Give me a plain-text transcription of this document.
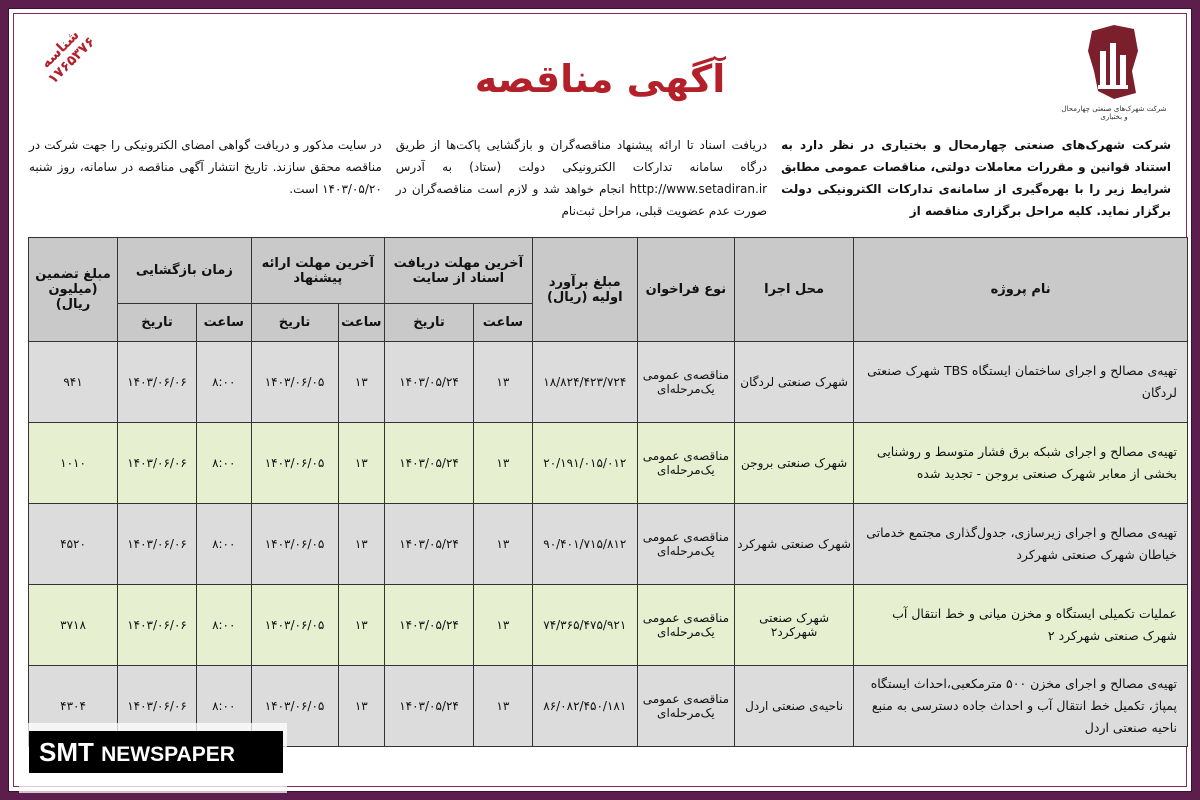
شرکت شهرک‌های صنعتی چهارمحال و بختیاری
شناسه ۱۷۶۵۳۷۶	آگهی مناقصه
شرکت شهرک‌های صنعتی چهارمحال و بختیاری در نظر دارد به استناد قوانین و مقررات معاملات دولتی، مناقصات عمومی مطابق شرایط زیر را با بهره‌گیری از سامانه‌ی تدارکات الکترونیکی دولت برگزار نماید. کلیه مراحل برگزاری مناقصه از
دریافت اسناد تا ارائه پیشنهاد مناقصه‌گران و بازگشایی پاکت‌ها از طریق درگاه سامانه تدارکات الکترونیکی دولت (ستاد) به آدرس http://www.setadiran.ir انجام خواهد شد و لازم است مناقصه‌گران در صورت عدم عضویت قبلی، مراحل ثبت‌نام
در سایت مذکور و دریافت گواهی امضای الکترونیکی را جهت شرکت در مناقصه محقق سازند. تاریخ انتشار آگهی مناقصه در سامانه، روز شنبه ۱۴۰۳/۰۵/۲۰ است.
نام پروژه	محل اجرا	نوع فراخوان	مبلغ برآورد اولیه (ریال)	آخرین مهلت دریافت اسناد از سایت		آخرین مهلت ارائه پیشنهاد		زمان بازگشایی		مبلغ تضمین (میلیون ریال)
				ساعت	تاریخ	ساعت	تاریخ	ساعت	تاریخ	
تهیه‌ی مصالح و اجرای ساختمان ایستگاه TBS شهرک صنعتی لردگان	شهرک صنعتی لردگان	مناقصه‌ی عمومی یک‌مرحله‌ای	۱۸/۸۲۴/۴۲۳/۷۲۴	۱۳	۱۴۰۳/۰۵/۲۴	۱۳	۱۴۰۳/۰۶/۰۵	۸:۰۰	۱۴۰۳/۰۶/۰۶	۹۴۱
تهیه‌ی مصالح و اجرای شبکه برق فشار متوسط و روشنایی بخشی از معابر شهرک صنعتی بروجن - تجدید شده	شهرک صنعتی بروجن	مناقصه‌ی عمومی یک‌مرحله‌ای	۲۰/۱۹۱/۰۱۵/۰۱۲	۱۳	۱۴۰۳/۰۵/۲۴	۱۳	۱۴۰۳/۰۶/۰۵	۸:۰۰	۱۴۰۳/۰۶/۰۶	۱۰۱۰
تهیه‌ی مصالح و اجرای زیرسازی، جدول‌گذاری مجتمع خدماتی خیاطان شهرک صنعتی شهرکرد	شهرک صنعتی شهرکرد	مناقصه‌ی عمومی یک‌مرحله‌ای	۹۰/۴۰۱/۷۱۵/۸۱۲	۱۳	۱۴۰۳/۰۵/۲۴	۱۳	۱۴۰۳/۰۶/۰۵	۸:۰۰	۱۴۰۳/۰۶/۰۶	۴۵۲۰
عملیات تکمیلی ایستگاه و مخزن میانی و خط انتقال آب شهرک صنعتی شهرکرد ۲	شهرک صنعتی شهرکرد۲	مناقصه‌ی عمومی یک‌مرحله‌ای	۷۴/۳۶۵/۴۷۵/۹۲۱	۱۳	۱۴۰۳/۰۵/۲۴	۱۳	۱۴۰۳/۰۶/۰۵	۸:۰۰	۱۴۰۳/۰۶/۰۶	۳۷۱۸
تهیه‌ی مصالح و اجرای مخزن ۵۰۰ مترمکعبی،احداث ایستگاه پمپاژ، تکمیل خط انتقال آب و احداث جاده دسترسی به منبع ناحیه صنعتی اردل	ناحیه‌ی صنعتی اردل	مناقصه‌ی عمومی یک‌مرحله‌ای	۸۶/۰۸۲/۴۵۰/۱۸۱	۱۳	۱۴۰۳/۰۵/۲۴	۱۳	۱۴۰۳/۰۶/۰۵	۸:۰۰	۱۴۰۳/۰۶/۰۶	۴۳۰۴
SMT NEWSPAPER
